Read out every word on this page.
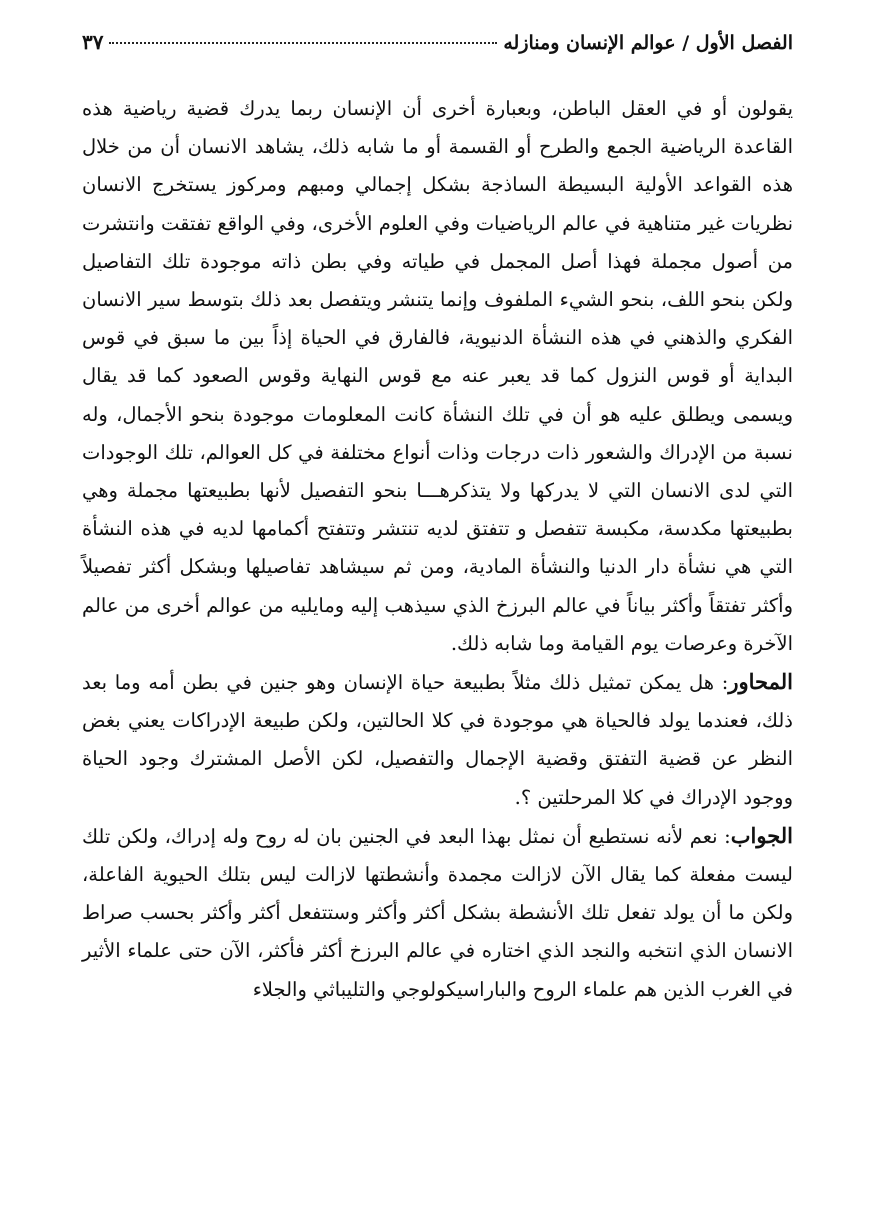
الفصل الأول / عوالم الإنسان ومنازله
٣٧

يقولون أو في العقل الباطن، وبعبارة أخرى أن الإنسان ربما يدرك قضية رياضية هذه القاعدة الرياضية الجمع والطرح أو القسمة أو ما شابه ذلك، يشاهد الانسان أن من خلال هذه القواعد الأولية البسيطة الساذجة بشكل إجمالي ومبهم ومركوز يستخرج الانسان نظريات غير متناهية في عالم الرياضيات وفي العلوم الأخرى، وفي الواقع تفتقت وانتشرت من أصول مجملة فهذا أصل المجمل في طياته وفي بطن ذاته موجودة تلك التفاصيل ولكن بنحو اللف، بنحو الشيء الملفوف وإنما يتنشر ويتفصل بعد ذلك بتوسط سير الانسان الفكري والذهني في هذه النشأة الدنيوية، فالفارق في الحياة إذاً بين ما سبق في قوس البداية أو قوس النزول كما قد يعبر عنه مع قوس النهاية وقوس الصعود كما قد يقال ويسمى ويطلق عليه هو أن في تلك النشأة كانت المعلومات موجودة بنحو الأجمال، وله نسبة من الإدراك والشعور ذات درجات وذات أنواع مختلفة في كل العوالم، تلك الوجودات التي لدى الانسان التي لا يدركها ولا يتذكرهـــا بنحو التفصيل لأنها بطبيعتها مجملة وهي بطبيعتها مكدسة، مكبسة تتفصل و تتفتق لديه تنتشر وتتفتح أكمامها لديه في هذه النشأة التي هي نشأة دار الدنيا والنشأة المادية، ومن ثم سيشاهد تفاصيلها وبشكل أكثر تفصيلاً وأكثر تفتقاً وأكثر بياناً في عالم البرزخ الذي سيذهب إليه ومايليه من عوالم أخرى من عالم الآخرة وعرصات يوم القيامة وما شابه ذلك.

المحاور: هل يمكن تمثيل ذلك مثلاً بطبيعة حياة الإنسان وهو جنين في بطن أمه وما بعد ذلك، فعندما يولد فالحياة هي موجودة في كلا الحالتين، ولكن طبيعة الإدراكات يعني بغض النظر عن قضية التفتق وقضية الإجمال والتفصيل، لكن الأصل المشترك وجود الحياة ووجود الإدراك في كلا المرحلتين ؟.

الجواب: نعم لأنه نستطيع أن نمثل بهذا البعد في الجنين بان له روح وله إدراك، ولكن تلك ليست مفعلة كما يقال الآن لازالت مجمدة وأنشطتها لازالت ليس بتلك الحيوية الفاعلة، ولكن ما أن يولد تفعل تلك الأنشطة بشكل أكثر وأكثر وستتفعل أكثر وأكثر بحسب صراط الانسان الذي انتخبه والنجد الذي اختاره في عالم البرزخ أكثر فأكثر، الآن حتى علماء الأثير في الغرب الذين هم علماء الروح والباراسيكولوجي والتليباثي والجلاء
